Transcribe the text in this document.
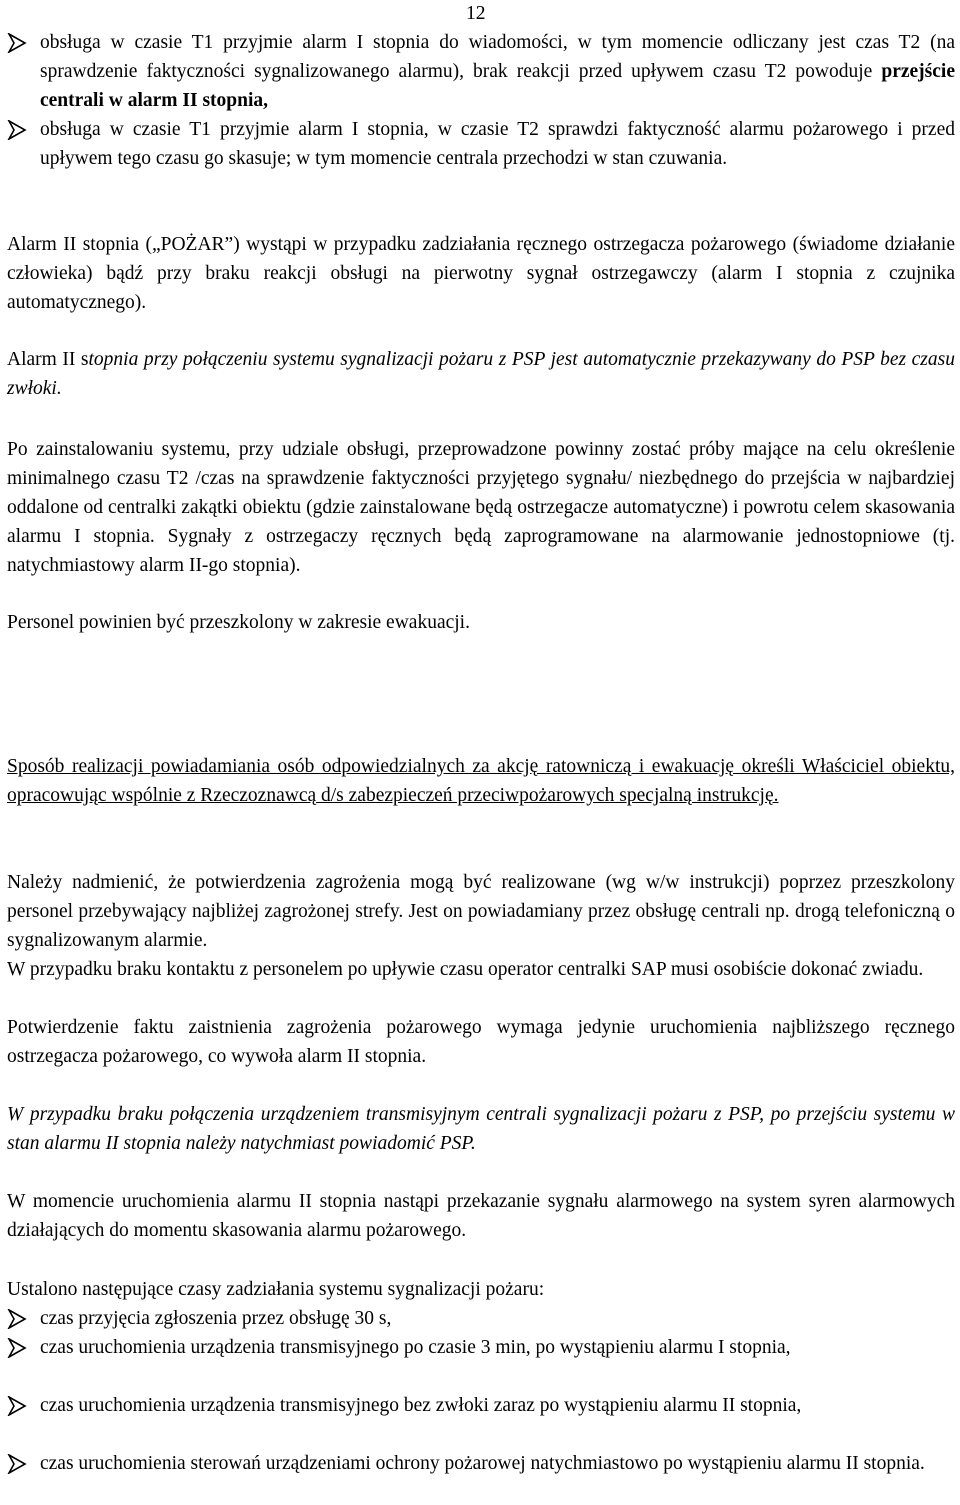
12
obsługa w czasie T1 przyjmie alarm I stopnia do wiadomości, w tym momencie odliczany jest czas T2 (na sprawdzenie faktyczności sygnalizowanego alarmu), brak reakcji przed upływem czasu T2 powoduje przejście centrali w alarm II stopnia,
obsługa w czasie T1 przyjmie alarm I stopnia, w czasie T2 sprawdzi faktyczność alarmu pożarowego i przed upływem tego czasu go skasuje; w tym momencie centrala przechodzi w stan czuwania.
Alarm II stopnia („POŻAR”) wystąpi w przypadku zadziałania ręcznego ostrzegacza pożarowego (świadome działanie człowieka) bądź przy braku reakcji obsługi na pierwotny sygnał ostrzegawczy (alarm I stopnia z czujnika automatycznego).
Alarm II stopnia przy połączeniu systemu sygnalizacji pożaru z PSP jest automatycznie przekazywany do PSP bez czasu zwłoki.
Po zainstalowaniu systemu, przy udziale obsługi, przeprowadzone powinny zostać próby mające na celu określenie minimalnego czasu T2 /czas na sprawdzenie faktyczności przyjętego sygnału/ niezbędnego do przejścia w najbardziej oddalone od centralki zakątki obiektu (gdzie zainstalowane będą ostrzegacze automatyczne) i powrotu celem skasowania alarmu I stopnia. Sygnały z ostrzegaczy ręcznych będą zaprogramowane na alarmowanie jednostopniowe (tj. natychmiastowy alarm II-go stopnia).
Personel powinien być przeszkolony w zakresie ewakuacji.
Sposób realizacji powiadamiania osób odpowiedzialnych za akcję ratowniczą i ewakuację określi Właściciel obiektu, opracowując wspólnie z Rzeczoznawcą d/s zabezpieczeń przeciwpożarowych specjalną instrukcję.
Należy nadmienić, że potwierdzenia zagrożenia mogą być realizowane (wg w/w instrukcji) poprzez przeszkolony personel przebywający najbliżej zagrożonej strefy. Jest on powiadamiany przez obsługę centrali np. drogą telefoniczną o sygnalizowanym alarmie.
W przypadku braku kontaktu z personelem po upływie czasu operator centralki SAP musi osobiście dokonać zwiadu.
Potwierdzenie faktu zaistnienia zagrożenia pożarowego wymaga jedynie uruchomienia najbliższego ręcznego ostrzegacza pożarowego, co wywoła alarm II stopnia.
W przypadku braku połączenia urządzeniem transmisyjnym centrali sygnalizacji pożaru z PSP, po przejściu systemu w stan alarmu II stopnia należy natychmiast powiadomić PSP.
W momencie uruchomienia alarmu II stopnia nastąpi przekazanie sygnału alarmowego na system syren alarmowych działających do momentu skasowania alarmu pożarowego.
Ustalono następujące czasy zadziałania systemu sygnalizacji pożaru:
czas przyjęcia zgłoszenia przez obsługę 30 s,
czas uruchomienia urządzenia transmisyjnego po czasie 3 min, po wystąpieniu alarmu I stopnia,
czas uruchomienia urządzenia transmisyjnego bez zwłoki zaraz po wystąpieniu alarmu II stopnia,
czas uruchomienia sterowań urządzeniami ochrony pożarowej natychmiastowo po wystąpieniu alarmu II stopnia.
